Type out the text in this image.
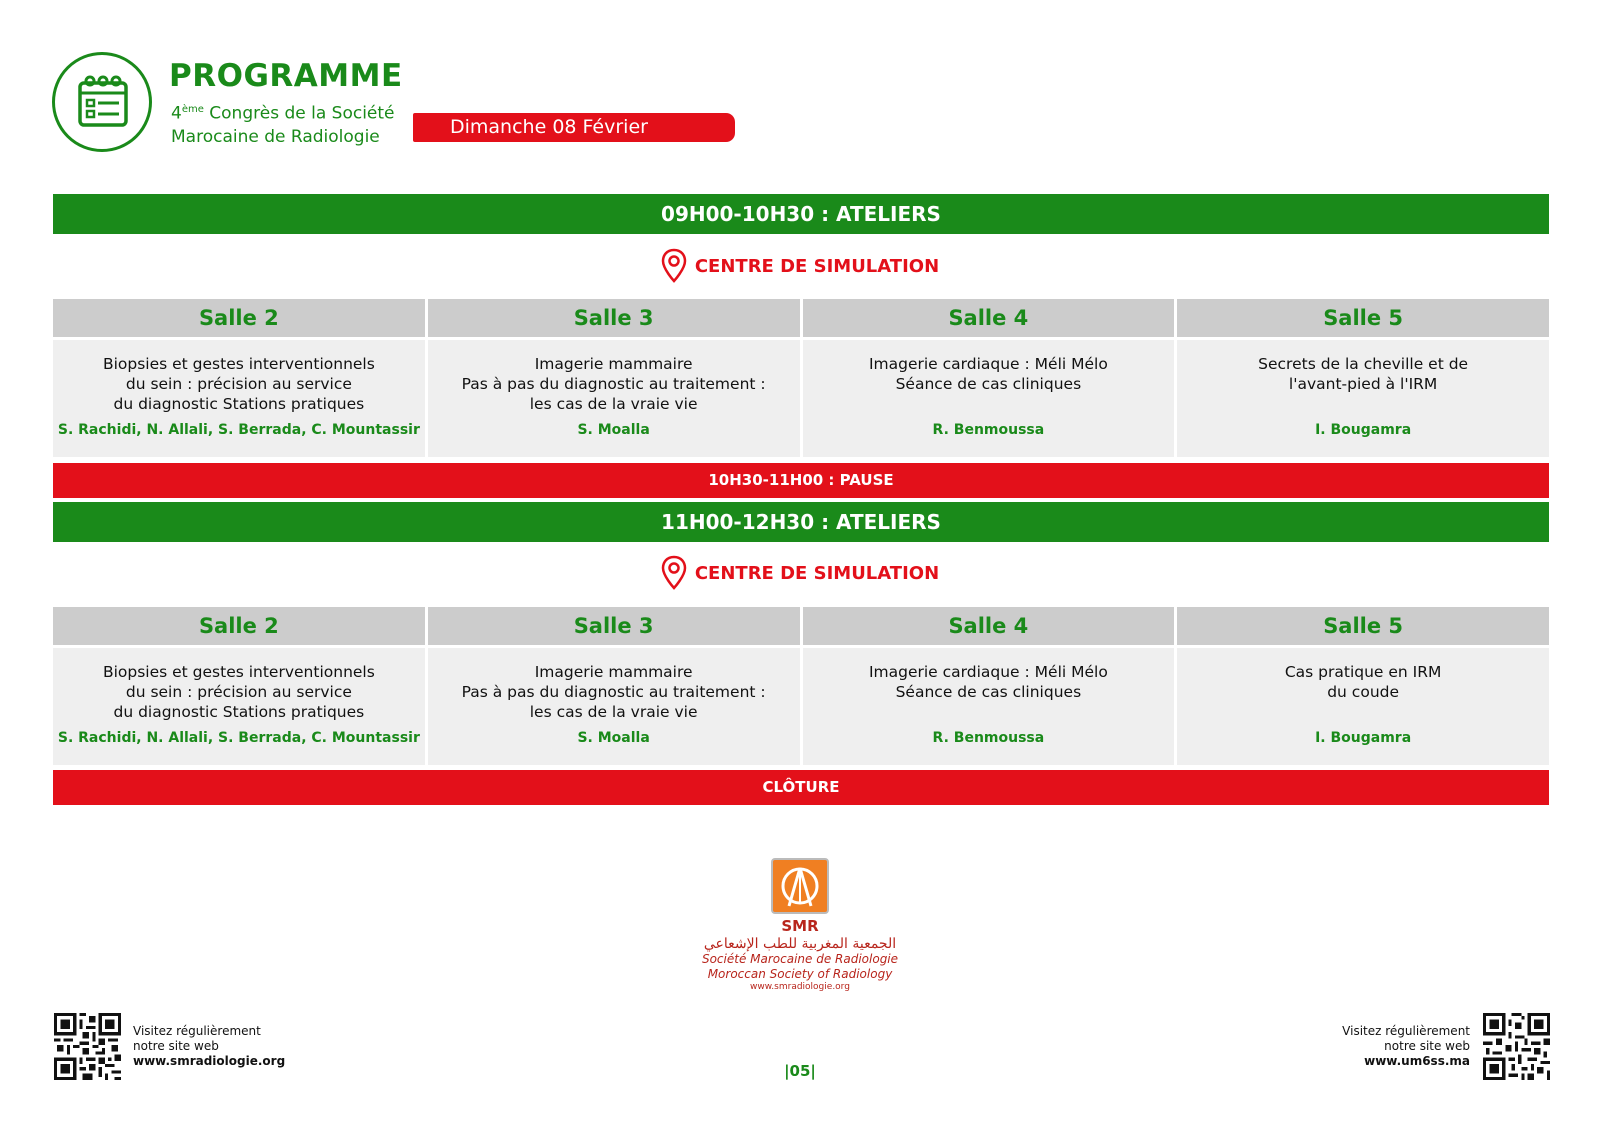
PROGRAMME
4ème Congrès de la Société
Marocaine de Radiologie	Dimanche 08 Février
09H00-10H30 : ATELIERS
CENTRE DE SIMULATION
Salle 2
Biopsies et gestes interventionnels
du sein : précision au service
du diagnostic Stations pratiques
S. Rachidi, N. Allali, S. Berrada, C. Mountassir
Salle 3
Imagerie mammaire
Pas à pas du diagnostic au traitement :
les cas de la vraie vie
S. Moalla
Salle 4
Imagerie cardiaque : Méli Mélo
Séance de cas cliniques
R. Benmoussa
Salle 5
Secrets de la cheville et de
l'avant-pied à l'IRM
I. Bougamra
10H30-11H00 : PAUSE
11H00-12H30 : ATELIERS
CENTRE DE SIMULATION
Salle 2
Biopsies et gestes interventionnels
du sein : précision au service
du diagnostic Stations pratiques
S. Rachidi, N. Allali, S. Berrada, C. Mountassir
Salle 3
Imagerie mammaire
Pas à pas du diagnostic au traitement :
les cas de la vraie vie
S. Moalla
Salle 4
Imagerie cardiaque : Méli Mélo
Séance de cas cliniques
R. Benmoussa
Salle 5
Cas pratique en IRM
du coude
I. Bougamra
CLÔTURE
SMR
الجمعية المغربية للطب الإشعاعي
Société Marocaine de Radiologie
Moroccan Society of Radiology
www.smradiologie.org
Visitez régulièrement
notre site web
www.smradiologie.org
Visitez régulièrement
notre site web
www.um6ss.ma
|05|
